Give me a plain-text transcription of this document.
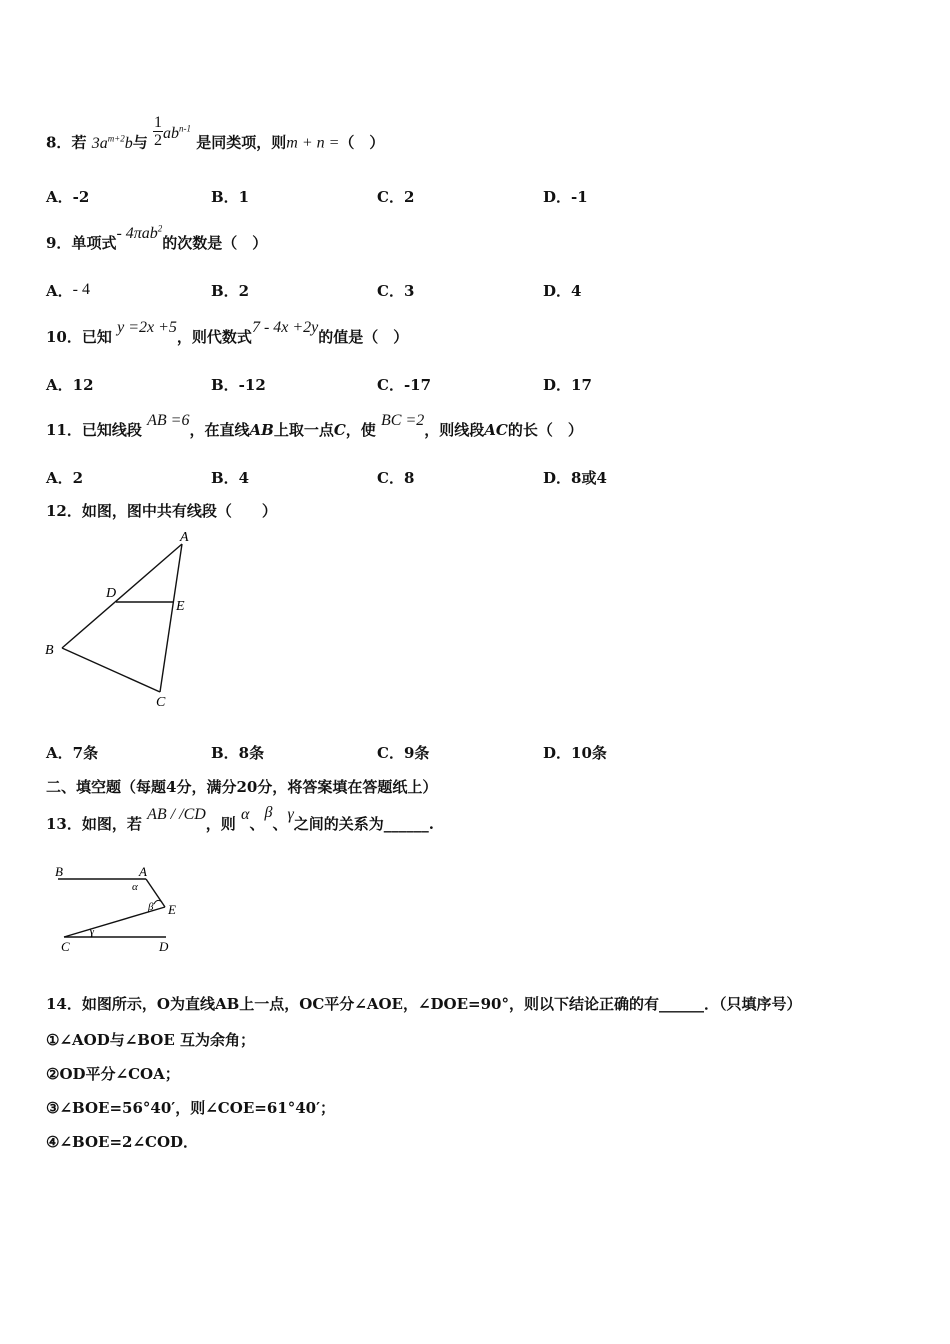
8．若 $3a^{m+2}b$与 $\frac{1}{2} ab^{n-1}$ 是同类项，则m + n =（　）
A．-2	B．1	C．2	D．-1
9．单项式- 4πab$^2$的次数是（　）
A．- 4	B．2	C．3	D．4
10．已知 y =2x +5，则代数式7 - 4x +2y的值是（　）
A．12	B．-12	C．-17	D．17
11．已知线段 AB =6，在直线AB上取一点C，使 BC =2，则线段AC的长（　）
A．2	B．4	C．8	D．8或4
12．如图，图中共有线段（　　）
A
D
E
B
C
A．7条	B．8条	C．9条	D．10条
二、填空题（每题4分，满分20分，将答案填在答题纸上）
13．如图，若 AB / /CD，则 α、β、γ之间的关系为______.
B	A
α
β E
C
γ
D
14．如图所示，O为直线AB上一点，OC平分∠AOE，∠DOE=90°，则以下结论正确的有______．（只填序号）
①∠AOD与∠BOE 互为余角；
②OD平分∠COA；
③∠BOE=56°40′，则∠COE=61°40′；
④∠BOE=2∠COD．
